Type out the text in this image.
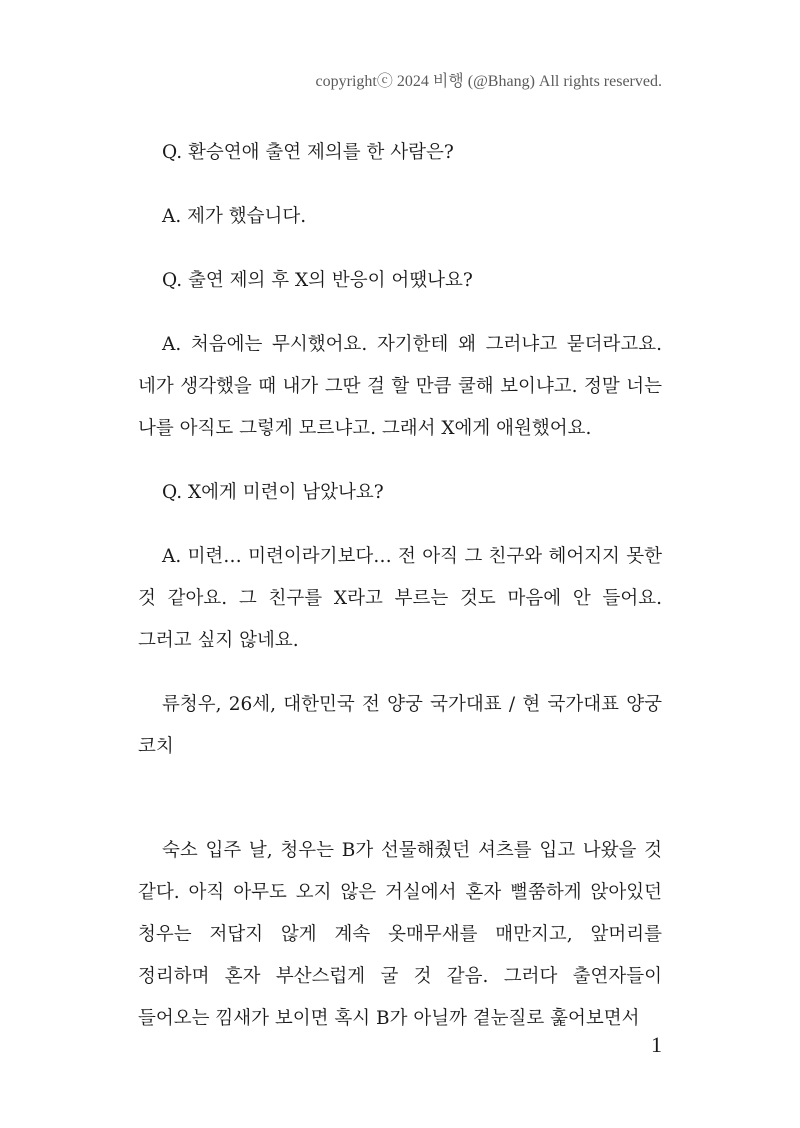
copyrightⓒ 2024 비행 (@Bhang) All rights reserved.

Q. 환승연애 출연 제의를 한 사람은?

A. 제가 했습니다.

Q. 출연 제의 후 X의 반응이 어땠나요?

A. 처음에는 무시했어요. 자기한테 왜 그러냐고 묻더라고요. 네가 생각했을 때 내가 그딴 걸 할 만큼 쿨해 보이냐고. 정말 너는 나를 아직도 그렇게 모르냐고. 그래서 X에게 애원했어요.

Q. X에게 미련이 남았나요?

A. 미련… 미련이라기보다… 전 아직 그 친구와 헤어지지 못한 것 같아요. 그 친구를 X라고 부르는 것도 마음에 안 들어요. 그러고 싶지 않네요.

류청우, 26세, 대한민국 전 양궁 국가대표 / 현 국가대표 양궁 코치

숙소 입주 날, 청우는 B가 선물해줬던 셔츠를 입고 나왔을 것 같다. 아직 아무도 오지 않은 거실에서 혼자 뻘쭘하게 앉아있던 청우는 저답지 않게 계속 옷매무새를 매만지고, 앞머리를 정리하며 혼자 부산스럽게 굴 것 같음. 그러다 출연자들이 들어오는 낌새가 보이면 혹시 B가 아닐까 곁눈질로 훑어보면서

1
